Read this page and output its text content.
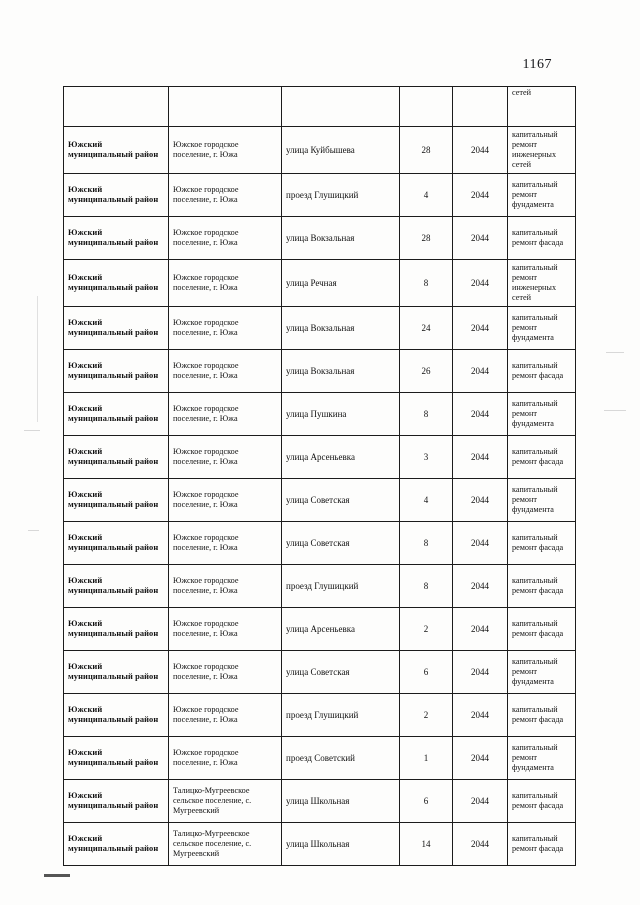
1167
					сетей
Южский муниципальный район	Южское городское поселение, г. Южа	улица Куйбышева	28	2044	капитальный ремонт инженерных сетей
Южский муниципальный район	Южское городское поселение, г. Южа	проезд Глушицкий	4	2044	капитальный ремонт фундамента
Южский муниципальный район	Южское городское поселение, г. Южа	улица Вокзальная	28	2044	капитальный ремонт фасада
Южский муниципальный район	Южское городское поселение, г. Южа	улица Речная	8	2044	капитальный ремонт инженерных сетей
Южский муниципальный район	Южское городское поселение, г. Южа	улица Вокзальная	24	2044	капитальный ремонт фундамента
Южский муниципальный район	Южское городское поселение, г. Южа	улица Вокзальная	26	2044	капитальный ремонт фасада
Южский муниципальный район	Южское городское поселение, г. Южа	улица Пушкина	8	2044	капитальный ремонт фундамента
Южский муниципальный район	Южское городское поселение, г. Южа	улица Арсеньевка	3	2044	капитальный ремонт фасада
Южский муниципальный район	Южское городское поселение, г. Южа	улица Советская	4	2044	капитальный ремонт фундамента
Южский муниципальный район	Южское городское поселение, г. Южа	улица Советская	8	2044	капитальный ремонт фасада
Южский муниципальный район	Южское городское поселение, г. Южа	проезд Глушицкий	8	2044	капитальный ремонт фасада
Южский муниципальный район	Южское городское поселение, г. Южа	улица Арсеньевка	2	2044	капитальный ремонт фасада
Южский муниципальный район	Южское городское поселение, г. Южа	улица Советская	6	2044	капитальный ремонт фундамента
Южский муниципальный район	Южское городское поселение, г. Южа	проезд Глушицкий	2	2044	капитальный ремонт фасада
Южский муниципальный район	Южское городское поселение, г. Южа	проезд Советский	1	2044	капитальный ремонт фундамента
Южский муниципальный район	Талицко-Мугреевское сельское поселение, с. Мугреевский	улица Школьная	6	2044	капитальный ремонт фасада
Южский муниципальный район	Талицко-Мугреевское сельское поселение, с. Мугреевский	улица Школьная	14	2044	капитальный ремонт фасада
